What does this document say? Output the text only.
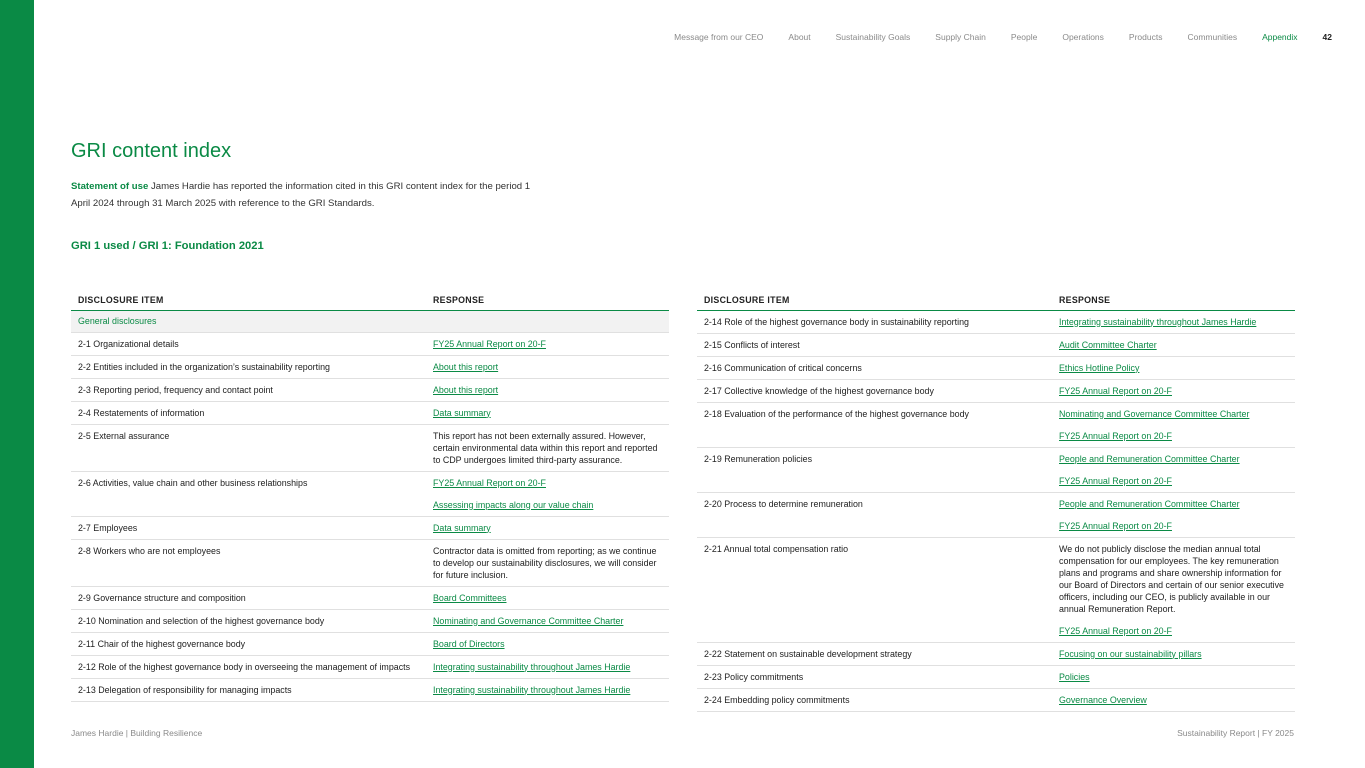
Message from our CEO	About	Sustainability Goals	Supply Chain	People	Operations	Products	Communities	Appendix	42
GRI content index

Statement of use James Hardie has reported the information cited in this GRI content index for the period 1 April 2024 through 31 March 2025 with reference to the GRI Standards.

GRI 1 used / GRI 1: Foundation 2021
DISCLOSURE ITEM	RESPONSE
General disclosures	
2-1 Organizational details	FY25 Annual Report on 20-F

2-2 Entities included in the organization’s sustainability reporting	About this report

2-3 Reporting period, frequency and contact point	About this report

2-4 Restatements of information	Data summary

2-5 External assurance	This report has not been externally assured. However, certain environmental data within this report and reported to CDP undergoes limited third-party assurance.

2-6 Activities, value chain and other business relationships	FY25 Annual Report on 20-F
Assessing impacts along our value chain

2-7 Employees	Data summary

2-8 Workers who are not employees	Contractor data is omitted from reporting; as we continue to develop our sustainability disclosures, we will consider for future inclusion.

2-9 Governance structure and composition	Board Committees

2-10 Nomination and selection of the highest governance body	Nominating and Governance Committee Charter

2-11 Chair of the highest governance body	Board of Directors

2-12 Role of the highest governance body in overseeing the management of impacts	Integrating sustainability throughout James Hardie

2-13 Delegation of responsibility for managing impacts	Integrating sustainability throughout James Hardie
DISCLOSURE ITEM	RESPONSE
2-14 Role of the highest governance body in sustainability reporting	Integrating sustainability throughout James Hardie

2-15 Conflicts of interest	Audit Committee Charter

2-16 Communication of critical concerns	Ethics Hotline Policy

2-17 Collective knowledge of the highest governance body	FY25 Annual Report on 20-F

2-18 Evaluation of the performance of the highest governance body	Nominating and Governance Committee Charter
FY25 Annual Report on 20-F

2-19 Remuneration policies	People and Remuneration Committee Charter
FY25 Annual Report on 20-F

2-20 Process to determine remuneration	People and Remuneration Committee Charter
FY25 Annual Report on 20-F

2-21 Annual total compensation ratio	We do not publicly disclose the median annual total compensation for our employees. The key remuneration plans and programs and share ownership information for our Board of Directors and certain of our senior executive officers, including our CEO, is publicly available in our annual Remuneration Report.
FY25 Annual Report on 20-F

2-22 Statement on sustainable development strategy	Focusing on our sustainability pillars

2-23 Policy commitments	Policies

2-24 Embedding policy commitments	Governance Overview
James Hardie | Building Resilience	Sustainability Report | FY 2025
